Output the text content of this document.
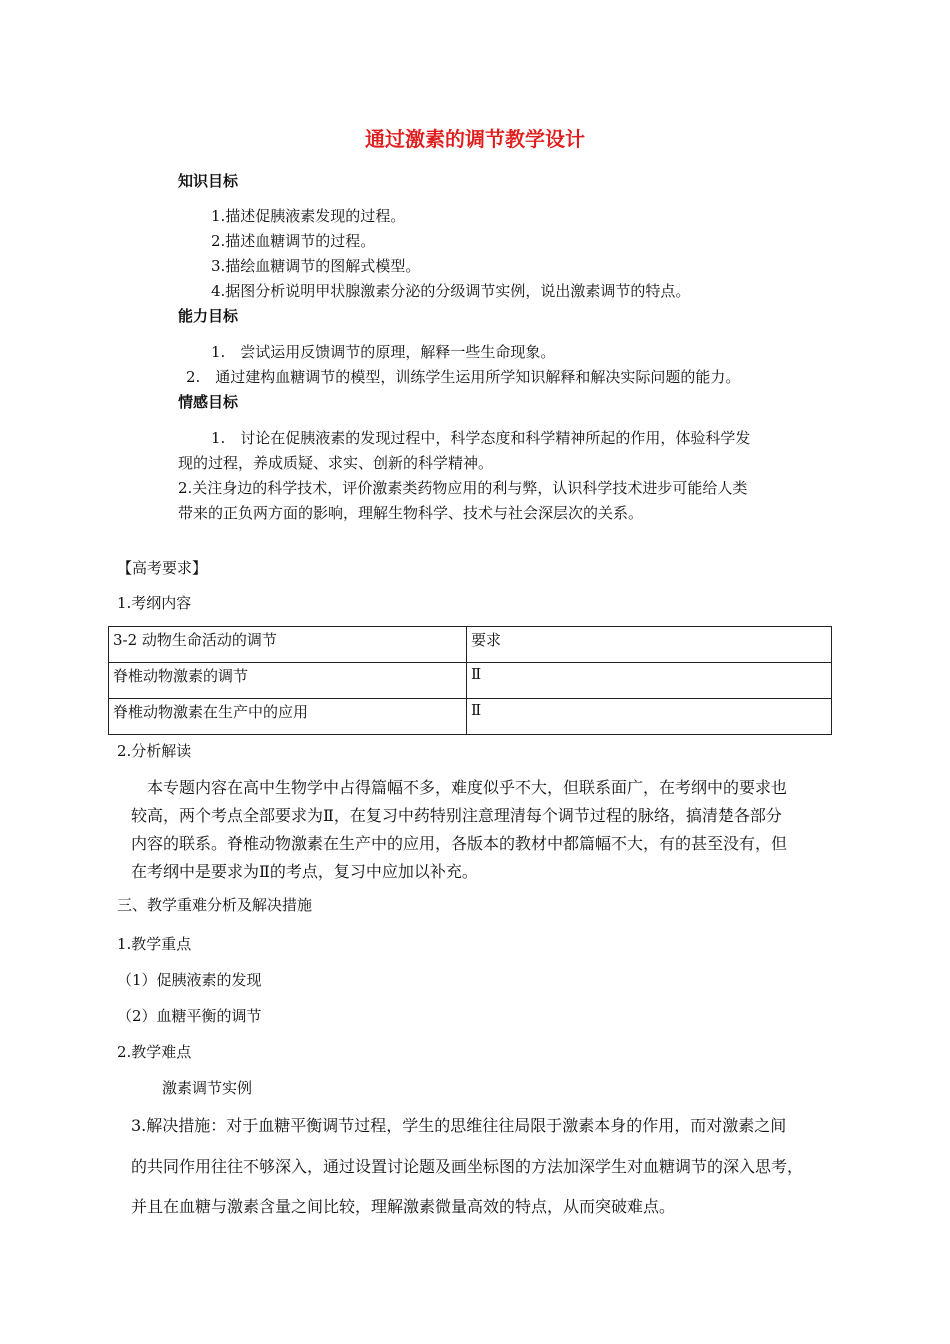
通过激素的调节教学设计
知识目标
1.描述促胰液素发现的过程。
2.描述血糖调节的过程。
3.描绘血糖调节的图解式模型。
4.据图分析说明甲状腺激素分泌的分级调节实例，说出激素调节的特点。
能力目标
1.　尝试运用反馈调节的原理，解释一些生命现象。
2.　通过建构血糖调节的模型，训练学生运用所学知识解释和解决实际问题的能力。
情感目标
1.　讨论在促胰液素的发现过程中，科学态度和科学精神所起的作用，体验科学发
现的过程，养成质疑、求实、创新的科学精神。
2.关注身边的科学技术，评价激素类药物应用的利与弊，认识科学技术进步可能给人类
带来的正负两方面的影响，理解生物科学、技术与社会深层次的关系。
【高考要求】
1.考纲内容
3-2 动物生命活动的调节	要求
脊椎动物激素的调节	Ⅱ
脊椎动物激素在生产中的应用	Ⅱ
2.分析解读
本专题内容在高中生物学中占得篇幅不多，难度似乎不大，但联系面广，在考纲中的要求也
较高，两个考点全部要求为Ⅱ，在复习中药特别注意理清每个调节过程的脉络，搞清楚各部分
内容的联系。脊椎动物激素在生产中的应用，各版本的教材中都篇幅不大，有的甚至没有，但
在考纲中是要求为Ⅱ的考点，复习中应加以补充。
三、教学重难分析及解决措施
1.教学重点
（1）促胰液素的发现
（2）血糖平衡的调节
2.教学难点
激素调节实例
3.解决措施：对于血糖平衡调节过程，学生的思维往往局限于激素本身的作用，而对激素之间
的共同作用往往不够深入，通过设置讨论题及画坐标图的方法加深学生对血糖调节的深入思考，
并且在血糖与激素含量之间比较，理解激素微量高效的特点，从而突破难点。
